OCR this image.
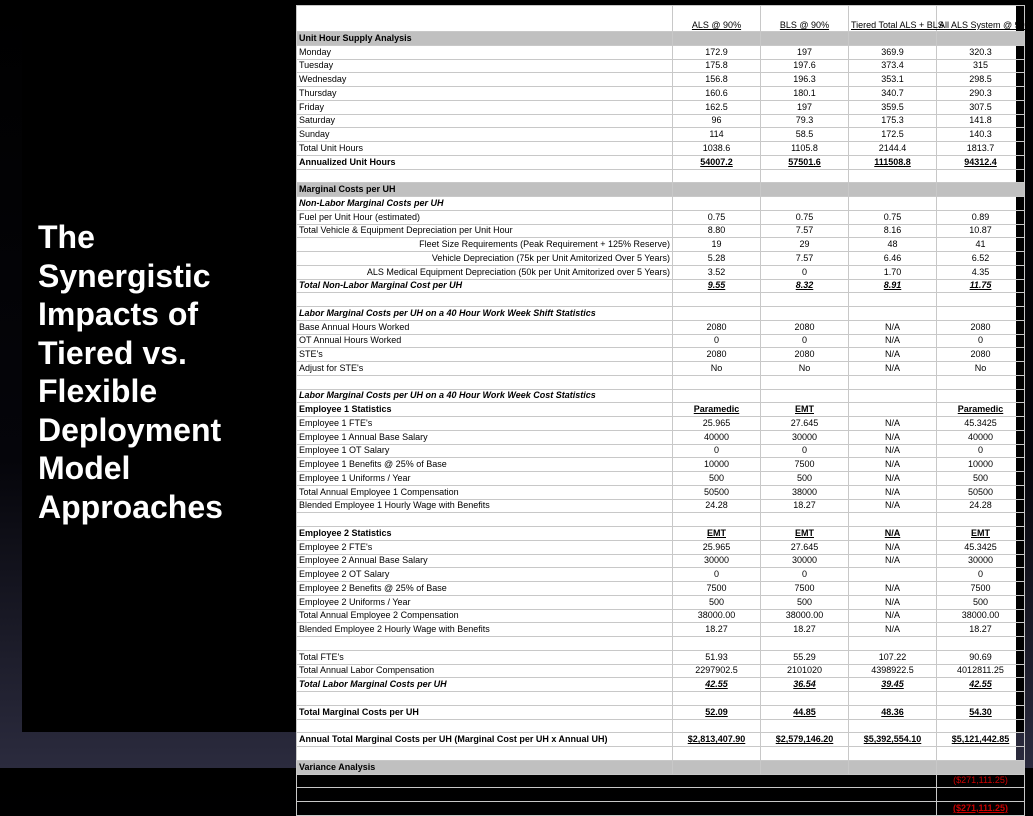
The
Synergistic
Impacts of
Tiered vs.
Flexible
Deployment
Model
Approaches
	ALS @ 90%	BLS @ 90%	Tiered Total ALS + BLS	All ALS System @ 90%
Unit Hour Supply Analysis				
Monday	172.9	197	369.9	320.3
Tuesday	175.8	197.6	373.4	315
Wednesday	156.8	196.3	353.1	298.5
Thursday	160.6	180.1	340.7	290.3
Friday	162.5	197	359.5	307.5
Saturday	96	79.3	175.3	141.8
Sunday	114	58.5	172.5	140.3
Total Unit Hours	1038.6	1105.8	2144.4	1813.7
Annualized Unit Hours	54007.2	57501.6	111508.8	94312.4

Marginal Costs per UH				
Non-Labor Marginal Costs per UH				
Fuel per Unit Hour (estimated)	0.75	0.75	0.75	0.89
Total Vehicle & Equipment Depreciation per Unit Hour	8.80	7.57	8.16	10.87
Fleet Size Requirements (Peak Requirement + 125% Reserve)	19	29	48	41
Vehicle Depreciation (75k per Unit Amitorized Over 5 Years)	5.28	7.57	6.46	6.52
ALS Medical Equipment Depreciation (50k per Unit Amitorized over 5 Years)	3.52	0	1.70	4.35
Total Non-Labor Marginal Cost per UH	9.55	8.32	8.91	11.75

Labor Marginal Costs per UH on a 40 Hour Work Week Shift Statistics				
Base Annual Hours Worked	2080	2080	N/A	2080
OT Annual Hours Worked	0	0	N/A	0
STE's	2080	2080	N/A	2080
Adjust for STE's	No	No	N/A	No

Labor Marginal Costs per UH on a 40 Hour Work Week Cost Statistics				
Employee 1 Statistics	Paramedic	EMT		Paramedic
Employee 1 FTE's	25.965	27.645	N/A	45.3425
Employee 1 Annual Base Salary	40000	30000	N/A	40000
Employee 1 OT Salary	0	0	N/A	0
Employee 1 Benefits @ 25% of Base	10000	7500	N/A	10000
Employee 1 Uniforms / Year	500	500	N/A	500
Total Annual Employee 1 Compensation	50500	38000	N/A	50500
Blended Employee 1 Hourly Wage with Benefits	24.28	18.27	N/A	24.28

Employee 2 Statistics	EMT	EMT	N/A	EMT
Employee 2 FTE's	25.965	27.645	N/A	45.3425
Employee 2 Annual Base Salary	30000	30000	N/A	30000
Employee 2 OT Salary	0	0		0
Employee 2 Benefits @ 25% of Base	7500	7500	N/A	7500
Employee 2 Uniforms / Year	500	500	N/A	500
Total Annual Employee 2 Compensation	38000.00	38000.00	N/A	38000.00
Blended Employee 2 Hourly Wage with Benefits	18.27	18.27	N/A	18.27

Total FTE's	51.93	55.29	107.22	90.69
Total Annual Labor Compensation	2297902.5	2101020	4398922.5	4012811.25
Total Labor Marginal Costs per UH	42.55	36.54	39.45	42.55

Total Marginal Costs per UH	52.09	44.85	48.36	54.30

Annual Total Marginal Costs per UH (Marginal Cost per UH x Annual UH)	$2,813,407.90	$2,579,146.20	$5,392,554.10	$5,121,442.85

Variance Analysis				
Base Approach Variance from 40 Hour Work Week (Tiered to All ALS):				($271,111.25)
Impact of Schedule Adjustments:				$0.00
Net (Savings) or Loss:				($271,111.25)
